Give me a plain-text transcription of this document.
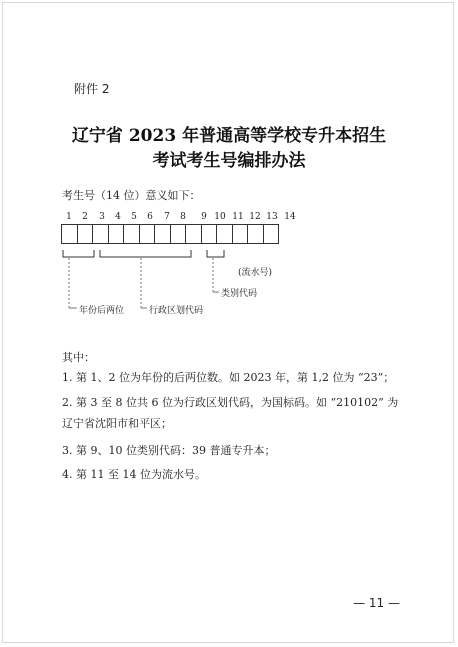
附件 2
辽宁省 2023 年普通高等学校专升本招生
考试考生号编排办法
考生号（14 位）意义如下：
1	2	3	4	5	6	7	8	9 10 11 12 13 14
(流水号)
类别代码
年份后两位	行政区划代码
其中：
1. 第 1、2 位为年份的后两位数。如 2023 年，第 1,2 位为 “23”；
2. 第 3 至 8 位共 6 位为行政区划代码，为国标码。如 “210102” 为辽宁省沈阳市和平区；
3. 第 9、10 位类别代码：39 普通专升本；
4. 第 11 至 14 位为流水号。
— 11 —
